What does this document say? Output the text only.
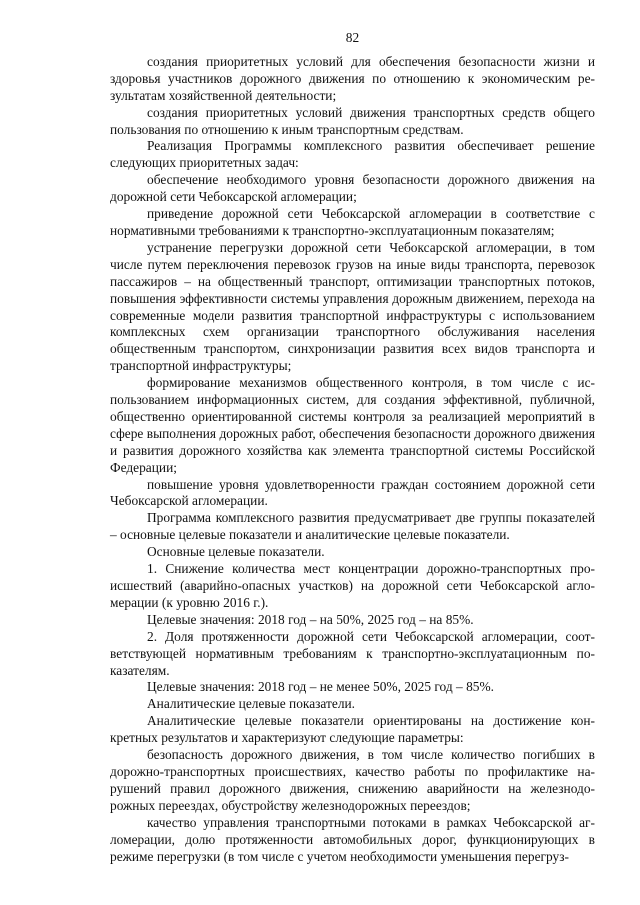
82

создания приоритетных условий для обеспечения безопасности жизни и здоровья участников дорожного движения по отношению к экономическим результатам хозяйственной деятельности;

создания приоритетных условий движения транспортных средств общего пользования по отношению к иным транспортным средствам.

Реализация Программы комплексного развития обеспечивает решение следующих приоритетных задач:

обеспечение необходимого уровня безопасности дорожного движения на дорожной сети Чебоксарской агломерации;

приведение дорожной сети Чебоксарской агломерации в соответствие с нормативными требованиями к транспортно-эксплуатационным показателям;

устранение перегрузки дорожной сети Чебоксарской агломерации, в том числе путем переключения перевозок грузов на иные виды транспорта, перевозок пассажиров – на общественный транспорт, оптимизации транспортных потоков, повышения эффективности системы управления дорожным движением, перехода на современные модели развития транспортной инфраструктуры с использованием комплексных схем организации транспортного обслуживания населения общественным транспортом, синхронизации развития всех видов транспорта и транспортной инфраструктуры;

формирование механизмов общественного контроля, в том числе с использованием информационных систем, для создания эффективной, публичной, общественно ориентированной системы контроля за реализацией мероприятий в сфере выполнения дорожных работ, обеспечения безопасности дорожного движения и развития дорожного хозяйства как элемента транспортной системы Российской Федерации;

повышение уровня удовлетворенности граждан состоянием дорожной сети Чебоксарской агломерации.

Программа комплексного развития предусматривает две группы показателей – основные целевые показатели и аналитические целевые показатели.

Основные целевые показатели.

1. Снижение количества мест концентрации дорожно-транспортных происшествий (аварийно-опасных участков) на дорожной сети Чебоксарской агломерации (к уровню 2016 г.).

Целевые значения: 2018 год – на 50%, 2025 год – на 85%.

2. Доля протяженности дорожной сети Чебоксарской агломерации, соответствующей нормативным требованиям к транспортно-эксплуатационным показателям.

Целевые значения: 2018 год – не менее 50%, 2025 год – 85%.

Аналитические целевые показатели.

Аналитические целевые показатели ориентированы на достижение конкретных результатов и характеризуют следующие параметры:

безопасность дорожного движения, в том числе количество погибших в дорожно-транспортных происшествиях, качество работы по профилактике нарушений правил дорожного движения, снижению аварийности на железнодорожных переездах, обустройству железнодорожных переездов;

качество управления транспортными потоками в рамках Чебоксарской агломерации, долю протяженности автомобильных дорог, функционирующих в режиме перегрузки (в том числе с учетом необходимости уменьшения перегруз-
